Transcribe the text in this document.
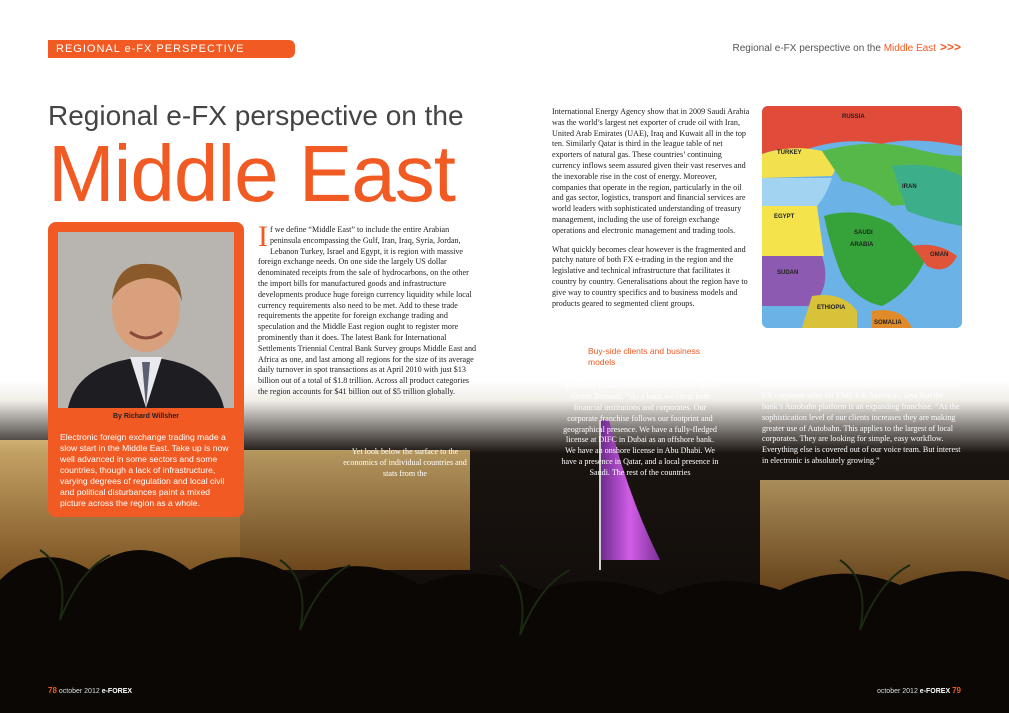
REGIONAL e-FX PERSPECTIVE	Regional e-FX perspective on the Middle East >>>
Regional e-FX perspective on the
Middle East
By Richard Willsher
Electronic foreign exchange trading made a slow start in the Middle East. Take up is now well advanced in some sectors and some countries, though a lack of infrastructure, varying degrees of regulation and local civil and political disturbances paint a mixed picture across the region as a whole.
If we define “Middle East” to include the entire Arabian peninsula encompassing the Gulf, Iran, Iraq, Syria, Jordan, Lebanon Turkey, Israel and Egypt, it is region with massive foreign exchange needs. On one side the largely US dollar denominated receipts from the sale of hydrocarbons, on the other the import bills for manufactured goods and infrastructure developments produce huge foreign currency liquidity while local currency requirements also need to be met. Add to these trade requirements the appetite for foreign exchange trading and speculation and the Middle East region ought to register more prominently than it does. The latest Bank for International Settlements Triennial Central Bank Survey groups Middle East and Africa as one, and last among all regions for the size of its average daily turnover in spot transactions as at April 2010 with just $13 billion out of a total of $1.8 trillion. Across all product categories the region accounts for $41 billion out of $5 trillion globally.
Yet look below the surface to the economics of individual countries and stats from the

International Energy Agency show that in 2009 Saudi Arabia was the world’s largest net exporter of crude oil with Iran, United Arab Emirates (UAE), Iraq and Kuwait all in the top ten. Similarly Qatar is third in the league table of net exporters of natural gas. These countries’ continuing currency inflows seem assured given their vast reserves and the inexorable rise in the cost of energy. Moreover, companies that operate in the region, particularly in the oil and gas sector, logistics, transport and financial services are world leaders with sophisticated understanding of treasury management, including the use of foreign exchange operations and electronic management and trading tools.

What quickly becomes clear however is the fragmented and patchy nature of both FX e-trading in the region and the legislative and technical infrastructure that facilitates it country by country. Generalisations about the region have to give way to country specifics and to business models and products geared to segmented client groups.

Buy-side clients and business models
“We have a double coverage model,” explains Deutsche Bank’s Head of CEEMEA FX sales Amine Berraoui. “As a bank we cover both financial institutions and corporates. Our corporate franchise follows our footprint and geographical presence. We have a fully-fledged license at DIFC in Dubai as an offshore bank. We have an onshore license in Abu Dhabi. We have a presence in Qatar, and a local presence in Saudi. The rest of the countries
TURKEY
RUSSIA
IRAN
EGYPT
SAUDI
ARABIA
SUDAN
ETHIOPIA
OMAN
SOMALIA

we didn’t feel it necessary to have a local presence in and we cover out of London. Our strongest markets in the region are UAE and Saudi Arabia.”

Barraoui’s colleague Robert Wade, who is head of electronic FX corporate sales for EMEA & Americas, says that the bank’s Autobahn platform is an expanding franchise. “As the sophistication level of our clients increases they are making greater use of Autobahn. This applies to the largest of local corporates. They are looking for simple, easy workflow. Everything else is covered out of our voice team. But interest in electronic is absolutely growing.”

78 october 2012 e-FOREX	october 2012 e-FOREX 79
